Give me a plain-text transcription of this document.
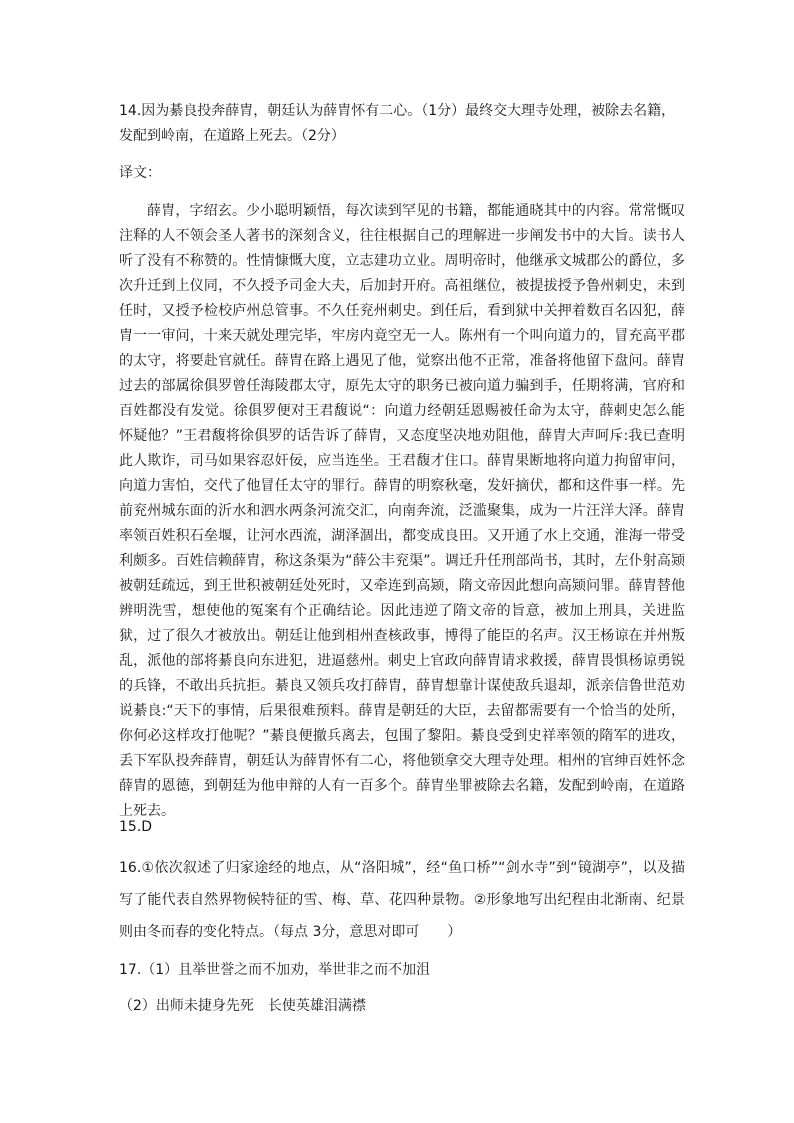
14.因为綦良投奔薛胄，朝廷认为薛胄怀有二心。（1分）最终交大理寺处理，被除去名籍，发配到岭南，在道路上死去。（2分）

译文：

薛胄，字绍玄。少小聪明颖悟，每次读到罕见的书籍，都能通晓其中的内容。常常慨叹注释的人不领会圣人著书的深刻含义，往往根据自己的理解进一步阐发书中的大旨。读书人听了没有不称赞的。性情慷慨大度，立志建功立业。周明帝时，他继承文城郡公的爵位，多次升迁到上仪同，不久授予司金大夫，后加封开府。高祖继位，被提拔授予鲁州刺史，未到任时，又授予检校庐州总管事。不久任兖州刺史。到任后，看到狱中关押着数百名囚犯，薛胄一一审问，十来天就处理完毕，牢房内竟空无一人。陈州有一个叫向道力的，冒充高平郡的太守，将要赴官就任。薛胄在路上遇见了他，觉察出他不正常，准备将他留下盘问。薛胄过去的部属徐俱罗曾任海陵郡太守，原先太守的职务已被向道力骗到手，任期将满，官府和百姓都没有发觉。徐俱罗便对王君馥说“：向道力经朝廷恩赐被任命为太守，薛刺史怎么能怀疑他？”王君馥将徐俱罗的话告诉了薛胄，又态度坚决地劝阻他，薛胄大声呵斥:我已查明此人欺诈，司马如果容忍奸佞，应当连坐。王君馥才住口。薛胄果断地将向道力拘留审问，向道力害怕，交代了他冒任太守的罪行。薛胄的明察秋毫，发奸摘伏，都和这件事一样。先前兖州城东面的沂水和泗水两条河流交汇，向南奔流，泛滥聚集，成为一片汪洋大泽。薛胄率领百姓积石垒堰，让河水西流，湖泽涸出，都变成良田。又开通了水上交通，淮海一带受利颇多。百姓信赖薛胄，称这条渠为“薛公丰兖渠”。调迁升任刑部尚书，其时，左仆射高颎被朝廷疏远，到王世积被朝廷处死时，又牵连到高颎，隋文帝因此想向高颎问罪。薛胄替他辨明洗雪，想使他的冤案有个正确结论。因此违逆了隋文帝的旨意，被加上刑具，关进监狱，过了很久才被放出。朝廷让他到相州查核政事，博得了能臣的名声。汉王杨谅在并州叛乱，派他的部将綦良向东进犯，进逼慈州。刺史上官政向薛胄请求救援，薛胄畏惧杨谅勇锐的兵锋，不敢出兵抗拒。綦良又领兵攻打薛胄，薛胄想靠计谋使敌兵退却，派亲信鲁世范劝说綦良:“天下的事情，后果很难预料。薛胄是朝廷的大臣，去留都需要有一个恰当的处所，你何必这样攻打他呢？”綦良便撤兵离去，包围了黎阳。綦良受到史祥率领的隋军的进攻，丢下军队投奔薛胄，朝廷认为薛胄怀有二心，将他锁拿交大理寺处理。相州的官绅百姓怀念薛胄的恩德，到朝廷为他申辩的人有一百多个。薛胄坐罪被除去名籍，发配到岭南，在道路上死去。

15.D

16.①依次叙述了归家途经的地点，从“洛阳城”，经“鱼口桥”“剑水寺”到“镜湖亭”，以及描写了能代表自然界物候特征的雪、梅、草、花四种景物。②形象地写出纪程由北渐南、纪景则由冬而春的变化特点。（每点 3分，意思对即可　　）

17.（1）且举世誉之而不加劝，举世非之而不加沮

（2）出师未捷身先死　长使英雄泪满襟
